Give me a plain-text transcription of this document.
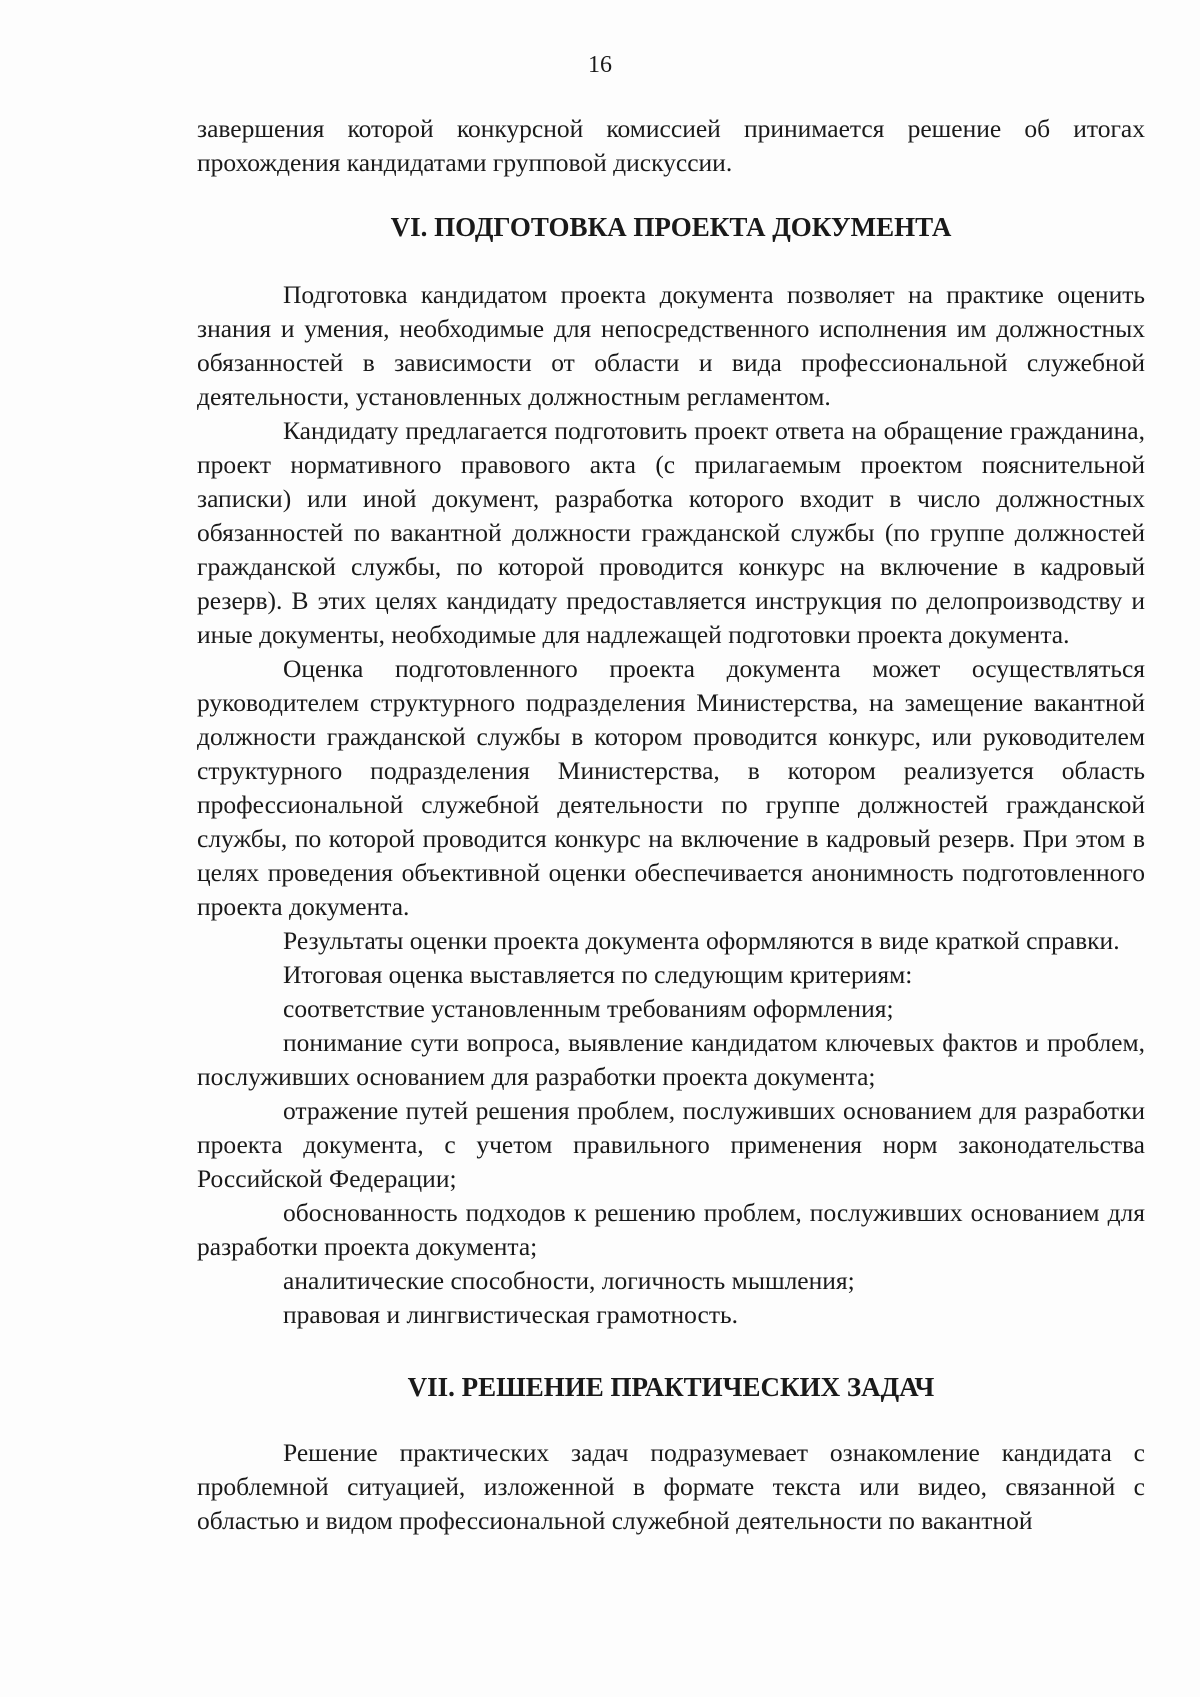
16

завершения которой конкурсной комиссией принимается решение об итогах прохождения кандидатами групповой дискуссии.

VI. ПОДГОТОВКА ПРОЕКТА ДОКУМЕНТА

Подготовка кандидатом проекта документа позволяет на практике оценить знания и умения, необходимые для непосредственного исполнения им должностных обязанностей в зависимости от области и вида профессиональной служебной деятельности, установленных должностным регламентом.

Кандидату предлагается подготовить проект ответа на обращение гражданина, проект нормативного правового акта (с прилагаемым проектом пояснительной записки) или иной документ, разработка которого входит в число должностных обязанностей по вакантной должности гражданской службы (по группе должностей гражданской службы, по которой проводится конкурс на включение в кадровый резерв). В этих целях кандидату предоставляется инструкция по делопроизводству и иные документы, необходимые для надлежащей подготовки проекта документа.

Оценка подготовленного проекта документа может осуществляться руководителем структурного подразделения Министерства, на замещение вакантной должности гражданской службы в котором проводится конкурс, или руководителем структурного подразделения Министерства, в котором реализуется область профессиональной служебной деятельности по группе должностей гражданской службы, по которой проводится конкурс на включение в кадровый резерв. При этом в целях проведения объективной оценки обеспечивается анонимность подготовленного проекта документа.

Результаты оценки проекта документа оформляются в виде краткой справки.

Итоговая оценка выставляется по следующим критериям:

соответствие установленным требованиям оформления;

понимание сути вопроса, выявление кандидатом ключевых фактов и проблем, послуживших основанием для разработки проекта документа;

отражение путей решения проблем, послуживших основанием для разработки проекта документа, с учетом правильного применения норм законодательства Российской Федерации;

обоснованность подходов к решению проблем, послуживших основанием для разработки проекта документа;

аналитические способности, логичность мышления;

правовая и лингвистическая грамотность.

VII. РЕШЕНИЕ ПРАКТИЧЕСКИХ ЗАДАЧ

Решение практических задач подразумевает ознакомление кандидата с проблемной ситуацией, изложенной в формате текста или видео, связанной с областью и видом профессиональной служебной деятельности по вакантной
